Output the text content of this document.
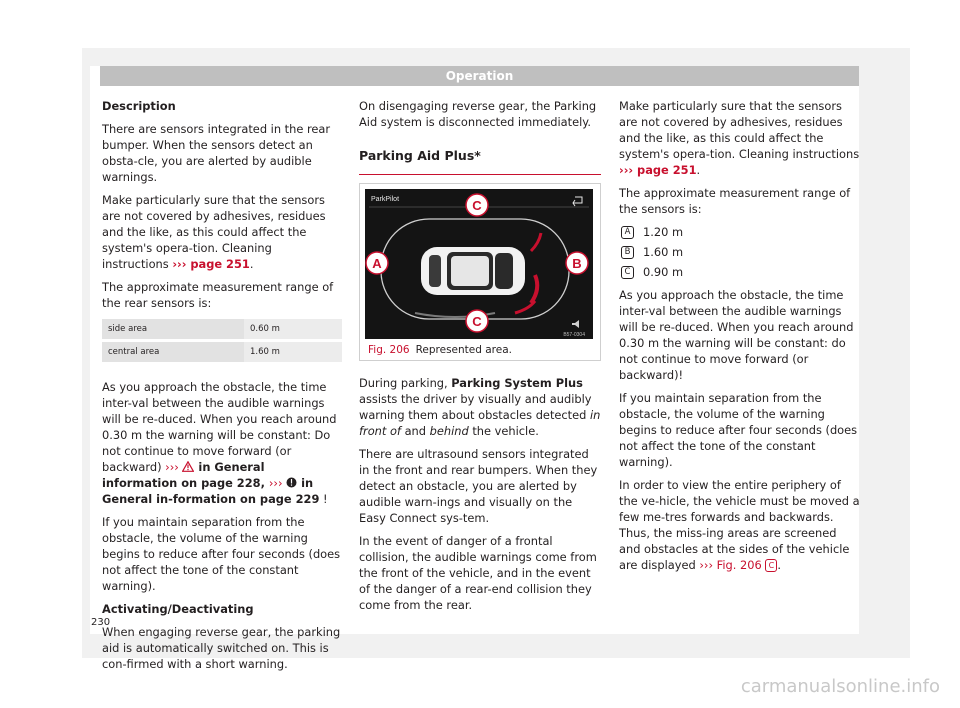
Operation

Description

There are sensors integrated in the rear bumper. When the sensors detect an obsta-cle, you are alerted by audible warnings.

Make particularly sure that the sensors are not covered by adhesives, residues and the like, as this could affect the system's opera-tion. Cleaning instructions ››› page 251.

The approximate measurement range of the rear sensors is:

side area	0.60 m
central area	1.60 m

As you approach the obstacle, the time inter-val between the audible warnings will be re-duced. When you reach around 0.30 m the warning will be constant: Do not continue to move forward (or backward) ›››  in General information on page 228, ›››  in General in-formation on page 229 !

If you maintain separation from the obstacle, the volume of the warning begins to reduce after four seconds (does not affect the tone of the constant warning).

Activating/Deactivating

When engaging reverse gear, the parking aid is automatically switched on. This is con-firmed with a short warning.

On disengaging reverse gear, the Parking Aid system is disconnected immediately.

Parking Aid Plus*
ParkPilot	C
A	B
C
B57-0304
Fig. 206 Represented area.

During parking, Parking System Plus assists the driver by visually and audibly warning them about obstacles detected in front of and behind the vehicle.

There are ultrasound sensors integrated in the front and rear bumpers. When they detect an obstacle, you are alerted by audible warn-ings and visually on the Easy Connect sys-tem.

In the event of danger of a frontal collision, the audible warnings come from the front of the vehicle, and in the event of the danger of a rear-end collision they come from the rear.

Make particularly sure that the sensors are not covered by adhesives, residues and the like, as this could affect the system's opera-tion. Cleaning instructions ››› page 251.

The approximate measurement range of the sensors is:

A	1.20 m
B	1.60 m
C	0.90 m

As you approach the obstacle, the time inter-val between the audible warnings will be re-duced. When you reach around 0.30 m the warning will be constant: do not continue to move forward (or backward)!

If you maintain separation from the obstacle, the volume of the warning begins to reduce after four seconds (does not affect the tone of the constant warning).

In order to view the entire periphery of the ve-hicle, the vehicle must be moved a few me-tres forwards and backwards. Thus, the miss-ing areas are screened and obstacles at the sides of the vehicle are displayed ››› Fig. 206 C .

230
carmanualsonline.info
